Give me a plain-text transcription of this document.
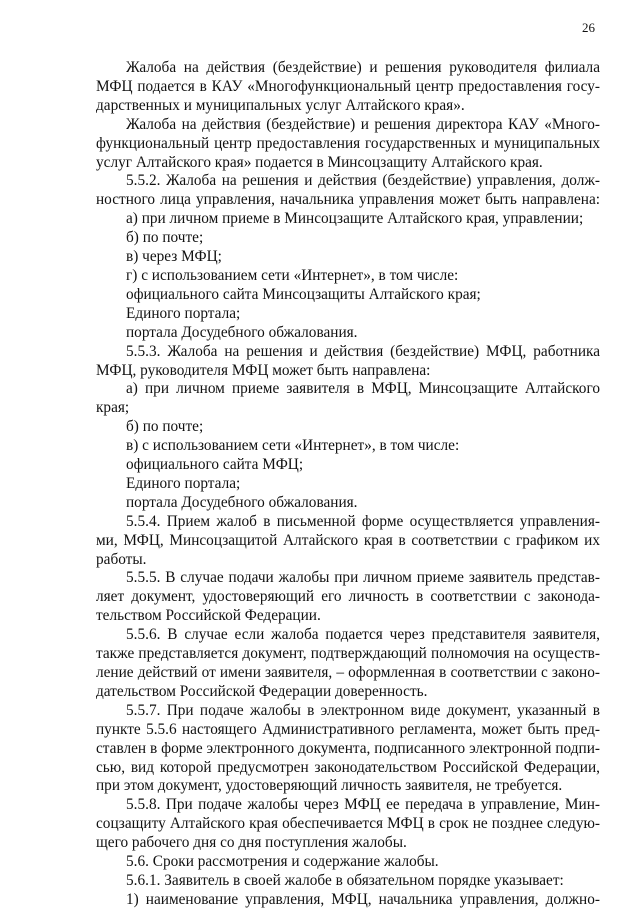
26

Жалоба на действия (бездействие) и решения руководителя филиала

МФЦ подается в КАУ «Многофункциональный центр предоставления госу-

дарственных и муниципальных услуг Алтайского края».

Жалоба на действия (бездействие) и решения директора КАУ «Много-

функциональный центр предоставления государственных и муниципальных

услуг Алтайского края» подается в Минсоцзащиту Алтайского края.

5.5.2. Жалоба на решения и действия (бездействие) управления, долж-

ностного лица управления, начальника управления может быть направлена:

а) при личном приеме в Минсоцзащите Алтайского края, управлении;

б) по почте;

в) через МФЦ;

г) с использованием сети «Интернет», в том числе:

официального сайта Минсоцзащиты Алтайского края;

Единого портала;

портала Досудебного обжалования.

5.5.3. Жалоба на решения и действия (бездействие) МФЦ, работника

МФЦ, руководителя МФЦ может быть направлена:

а) при личном приеме заявителя в МФЦ, Минсоцзащите Алтайского

края;

б) по почте;

в) с использованием сети «Интернет», в том числе:

официального сайта МФЦ;

Единого портала;

портала Досудебного обжалования.

5.5.4. Прием жалоб в письменной форме осуществляется управления-

ми, МФЦ, Минсоцзащитой Алтайского края в соответствии с графиком их

работы.

5.5.5. В случае подачи жалобы при личном приеме заявитель представ-

ляет документ, удостоверяющий его личность в соответствии с законода-

тельством Российской Федерации.

5.5.6. В случае если жалоба подается через представителя заявителя,

также представляется документ, подтверждающий полномочия на осуществ-

ление действий от имени заявителя, – оформленная в соответствии с законо-

дательством Российской Федерации доверенность.

5.5.7. При подаче жалобы в электронном виде документ, указанный в

пункте 5.5.6 настоящего Административного регламента, может быть пред-

ставлен в форме электронного документа, подписанного электронной подпи-

сью, вид которой предусмотрен законодательством Российской Федерации,

при этом документ, удостоверяющий личность заявителя, не требуется.

5.5.8. При подаче жалобы через МФЦ ее передача в управление, Мин-

соцзащиту Алтайского края обеспечивается МФЦ в срок не позднее следую-

щего рабочего дня со дня поступления жалобы.

5.6. Сроки рассмотрения и содержание жалобы.

5.6.1. Заявитель в своей жалобе в обязательном порядке указывает:

1) наименование управления, МФЦ, начальника управления, должно-
